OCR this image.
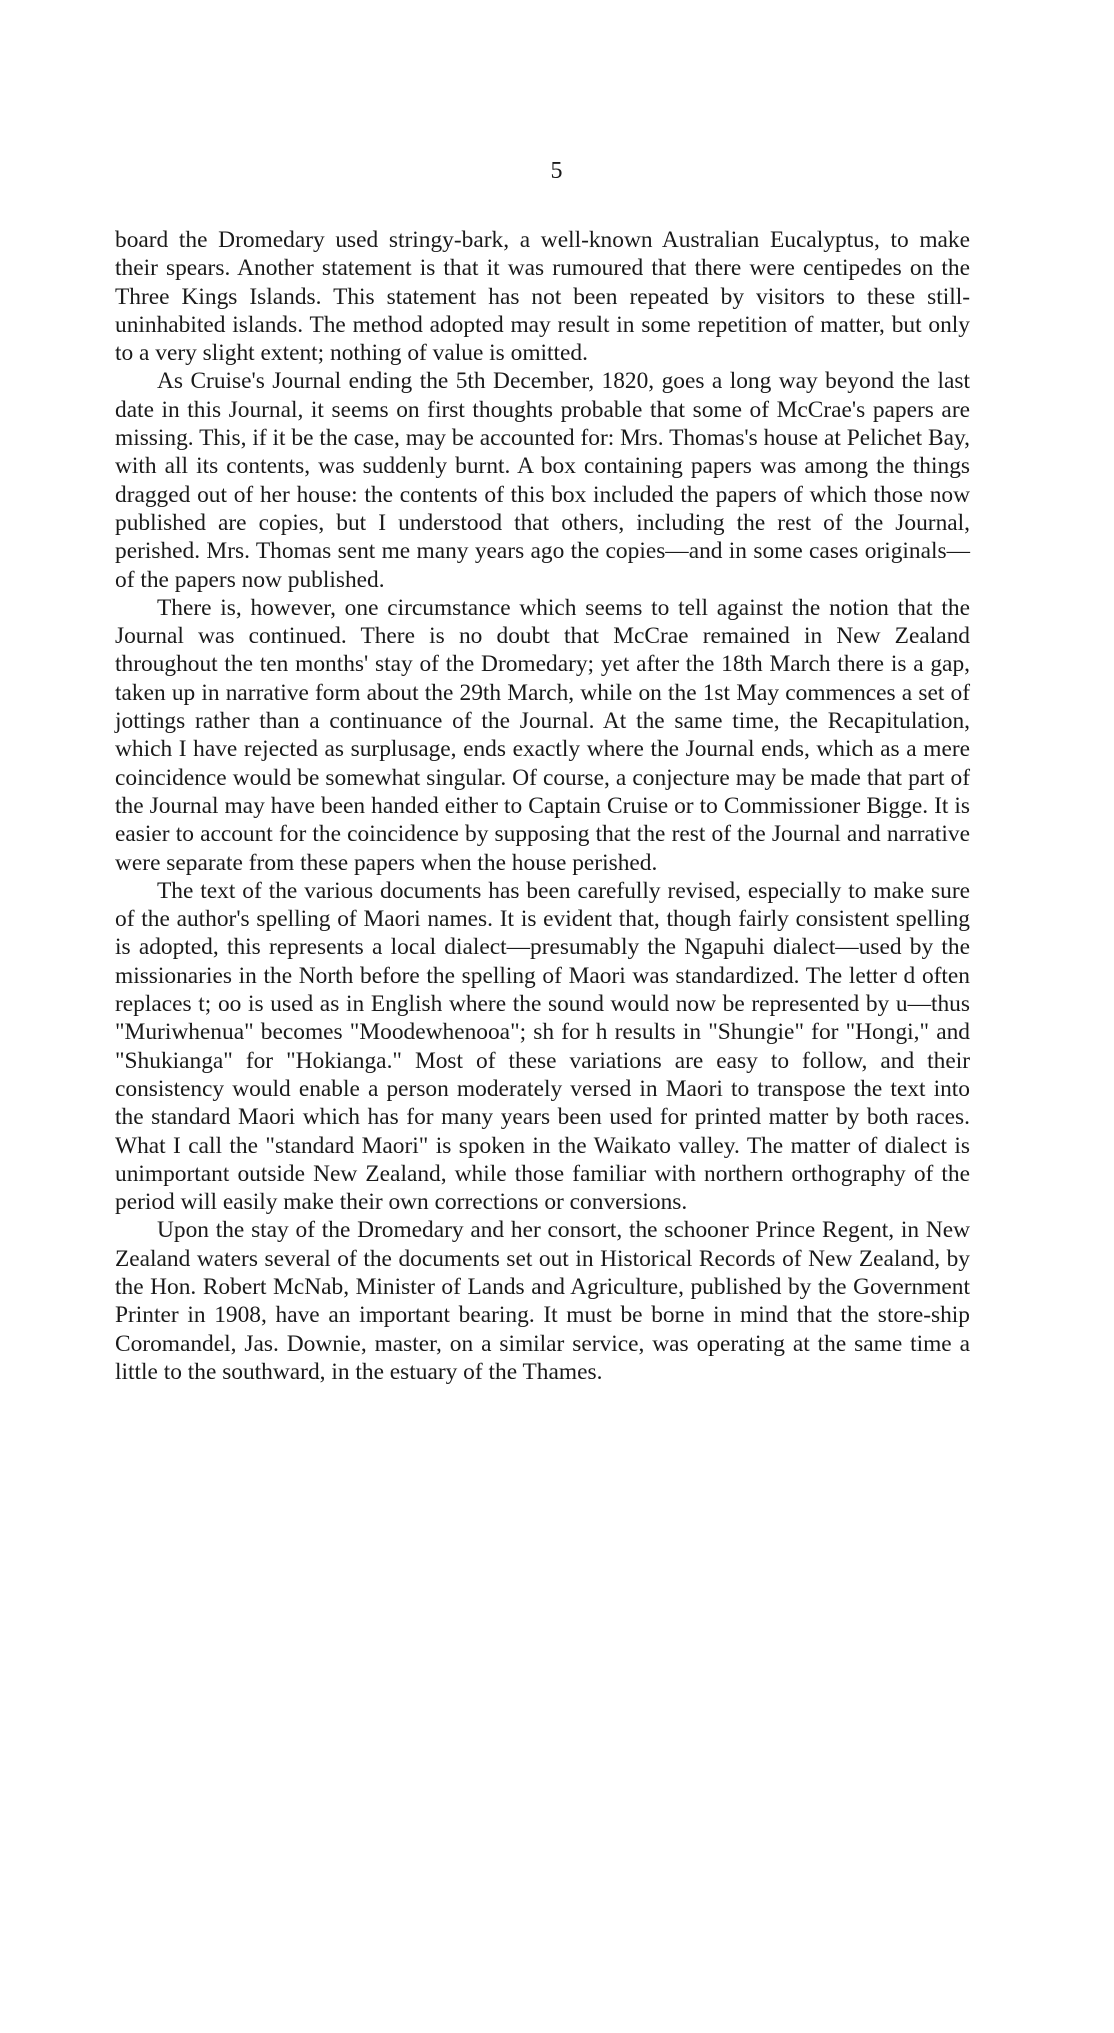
5

board the Dromedary used stringy-bark, a well-known Australian Eucalyptus, to make their spears. Another statement is that it was rumoured that there were centipedes on the Three Kings Islands. This statement has not been repeated by visitors to these still-uninhabited islands. The method adopted may result in some repetition of matter, but only to a very slight extent; nothing of value is omitted.

As Cruise's Journal ending the 5th December, 1820, goes a long way beyond the last date in this Journal, it seems on first thoughts probable that some of McCrae's papers are missing. This, if it be the case, may be accounted for: Mrs. Thomas's house at Pelichet Bay, with all its contents, was suddenly burnt. A box containing papers was among the things dragged out of her house: the contents of this box included the papers of which those now published are copies, but I understood that others, including the rest of the Journal, perished. Mrs. Thomas sent me many years ago the copies—and in some cases originals—of the papers now published.

There is, however, one circumstance which seems to tell against the notion that the Journal was continued. There is no doubt that McCrae remained in New Zealand throughout the ten months' stay of the Dromedary; yet after the 18th March there is a gap, taken up in narrative form about the 29th March, while on the 1st May commences a set of jottings rather than a continuance of the Journal. At the same time, the Recapitulation, which I have rejected as surplusage, ends exactly where the Journal ends, which as a mere coincidence would be somewhat singular. Of course, a conjecture may be made that part of the Journal may have been handed either to Captain Cruise or to Commissioner Bigge. It is easier to account for the coincidence by supposing that the rest of the Journal and narrative were separate from these papers when the house perished.

The text of the various documents has been carefully revised, especially to make sure of the author's spelling of Maori names. It is evident that, though fairly consistent spelling is adopted, this represents a local dialect—presumably the Ngapuhi dialect—used by the missionaries in the North before the spelling of Maori was standardized. The letter d often replaces t; oo is used as in English where the sound would now be represented by u—thus "Muriwhenua" becomes "Moodewhenooa"; sh for h results in "Shungie" for "Hongi," and "Shukianga" for "Hokianga." Most of these variations are easy to follow, and their consistency would enable a person moderately versed in Maori to transpose the text into the standard Maori which has for many years been used for printed matter by both races. What I call the "standard Maori" is spoken in the Waikato valley. The matter of dialect is unimportant outside New Zealand, while those familiar with northern orthography of the period will easily make their own corrections or conversions.

Upon the stay of the Dromedary and her consort, the schooner Prince Regent, in New Zealand waters several of the documents set out in Historical Records of New Zealand, by the Hon. Robert McNab, Minister of Lands and Agriculture, published by the Government Printer in 1908, have an important bearing. It must be borne in mind that the store-ship Coromandel, Jas. Downie, master, on a similar service, was operating at the same time a little to the southward, in the estuary of the Thames.
